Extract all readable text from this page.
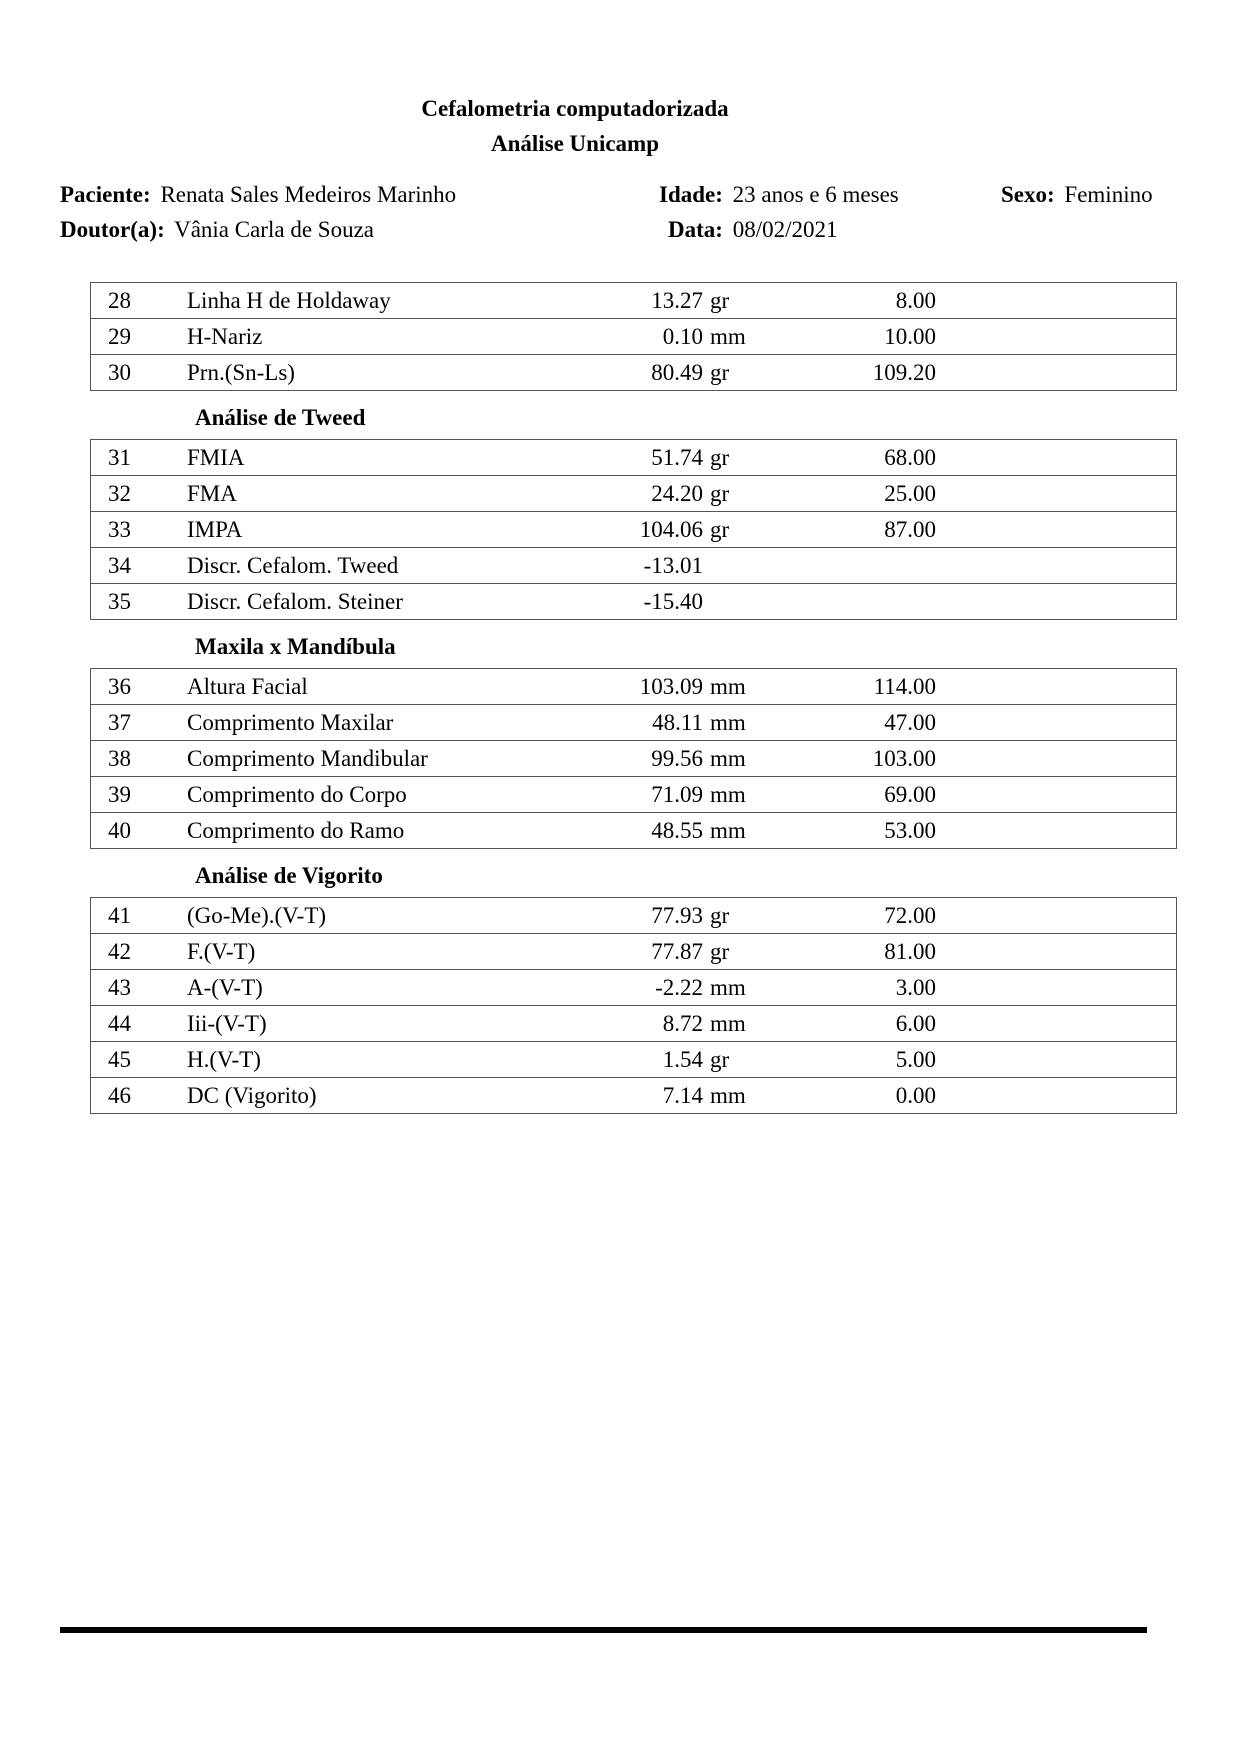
Cefalometria computadorizada
Análise Unicamp
Paciente: Renata Sales Medeiros Marinho	Idade: 23 anos e 6 meses	Sexo: Feminino
Doutor(a): Vânia Carla de Souza	Data: 08/02/2021
28 Linha H de Holdaway	13.27 gr	8.00
29 H-Nariz	0.10 mm	10.00
30 Prn.(Sn-Ls)	80.49 gr	109.20
Análise de Tweed
31 FMIA	51.74 gr	68.00
32 FMA	24.20 gr	25.00
33 IMPA	104.06 gr	87.00
34 Discr. Cefalom. Tweed	-13.01
35 Discr. Cefalom. Steiner	-15.40
Maxila x Mandíbula
36 Altura Facial	103.09 mm	114.00
37 Comprimento Maxilar	48.11 mm	47.00
38 Comprimento Mandibular	99.56 mm	103.00
39 Comprimento do Corpo	71.09 mm	69.00
40 Comprimento do Ramo	48.55 mm	53.00
Análise de Vigorito
41 (Go-Me).(V-T)	77.93 gr	72.00
42 F.(V-T)	77.87 gr	81.00
43 A-(V-T)	-2.22 mm	3.00
44 Iii-(V-T)	8.72 mm	6.00
45 H.(V-T)	1.54 gr	5.00
46 DC (Vigorito)	7.14 mm	0.00
